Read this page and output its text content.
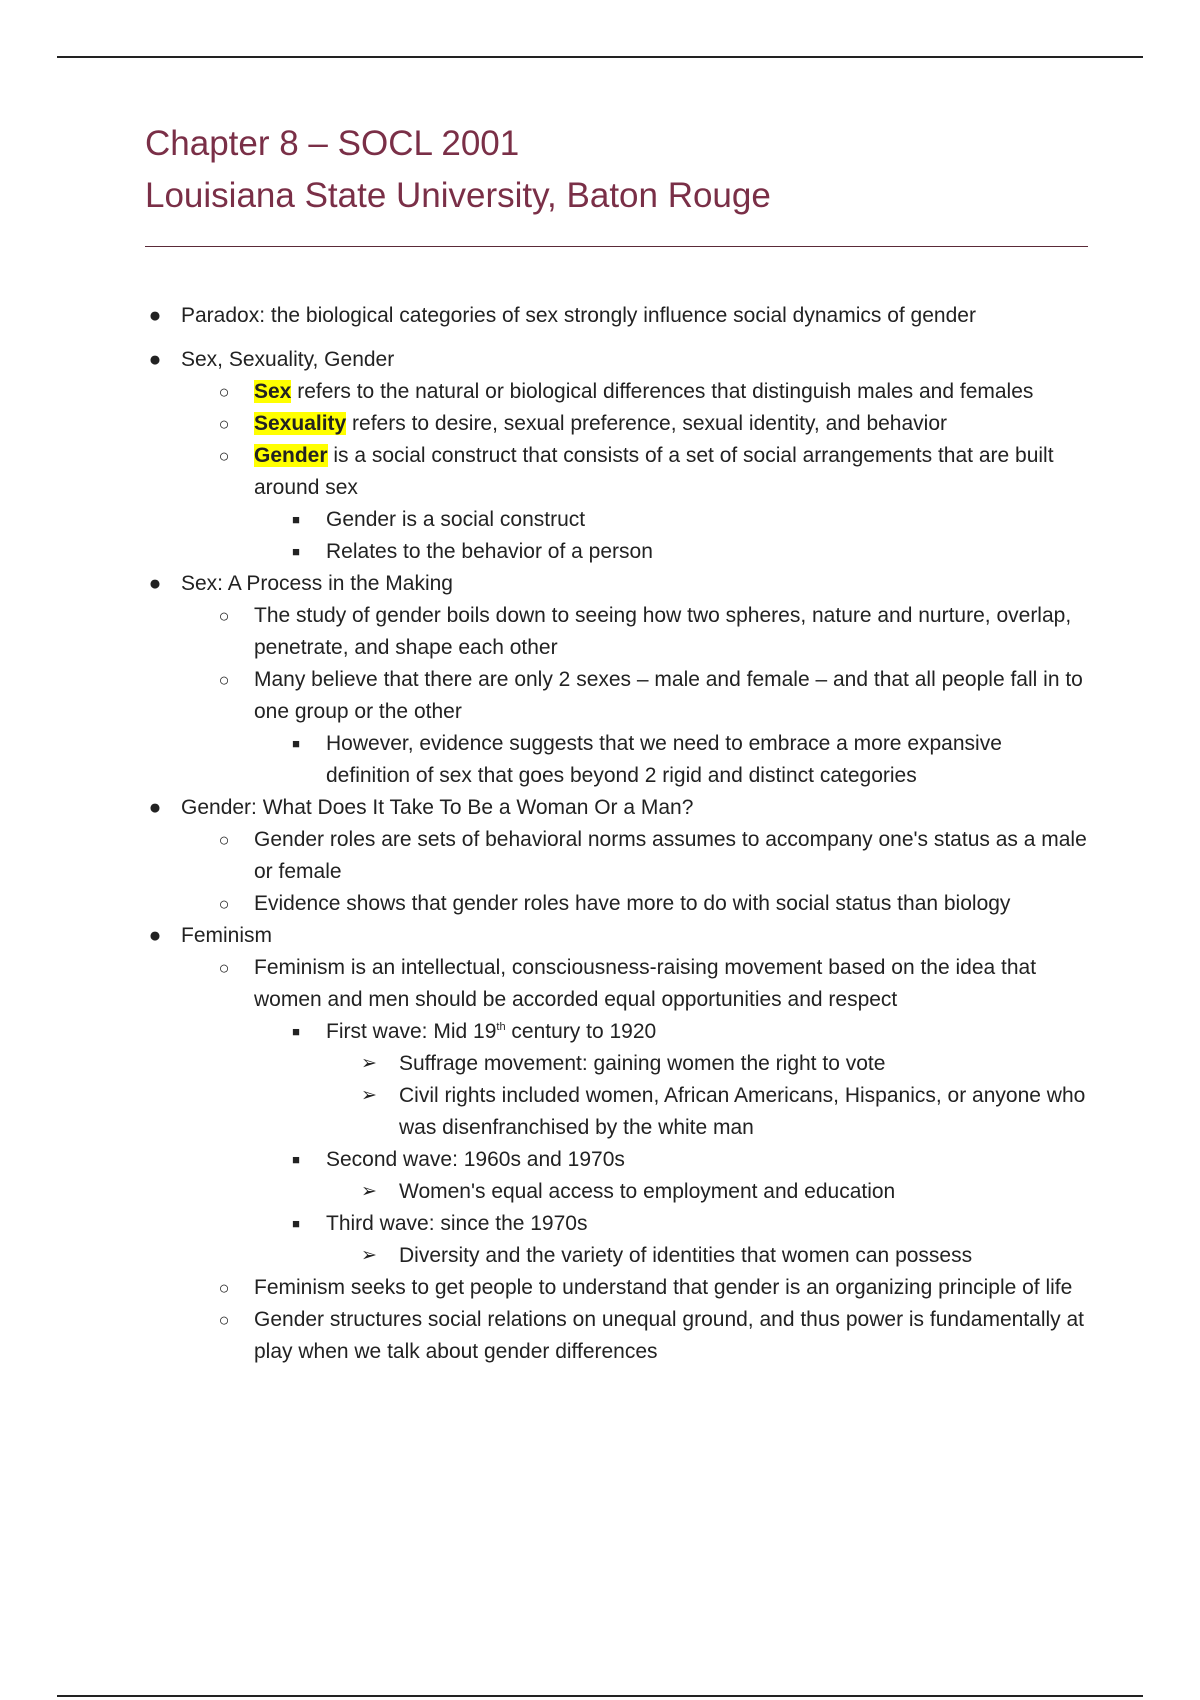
Chapter 8 – SOCL 2001
Louisiana State University, Baton Rouge
● Paradox: the biological categories of sex strongly influence social dynamics of gender
● Sex, Sexuality, Gender
○ Sex refers to the natural or biological differences that distinguish males and females
○ Sexuality refers to desire, sexual preference, sexual identity, and behavior
○ Gender is a social construct that consists of a set of social arrangements that are built around sex
■ Gender is a social construct
■ Relates to the behavior of a person
● Sex: A Process in the Making
○ The study of gender boils down to seeing how two spheres, nature and nurture, overlap, penetrate, and shape each other
○ Many believe that there are only 2 sexes – male and female – and that all people fall in to one group or the other
■ However, evidence suggests that we need to embrace a more expansive definition of sex that goes beyond 2 rigid and distinct categories
● Gender: What Does It Take To Be a Woman Or a Man?
○ Gender roles are sets of behavioral norms assumes to accompany one's status as a male or female
○ Evidence shows that gender roles have more to do with social status than biology
● Feminism
○ Feminism is an intellectual, consciousness-raising movement based on the idea that women and men should be accorded equal opportunities and respect
■ First wave: Mid 19th century to 1920
➢ Suffrage movement: gaining women the right to vote
➢ Civil rights included women, African Americans, Hispanics, or anyone who was disenfranchised by the white man
■ Second wave: 1960s and 1970s
➢ Women's equal access to employment and education
■ Third wave: since the 1970s
➢ Diversity and the variety of identities that women can possess
○ Feminism seeks to get people to understand that gender is an organizing principle of life
○ Gender structures social relations on unequal ground, and thus power is fundamentally at play when we talk about gender differences
